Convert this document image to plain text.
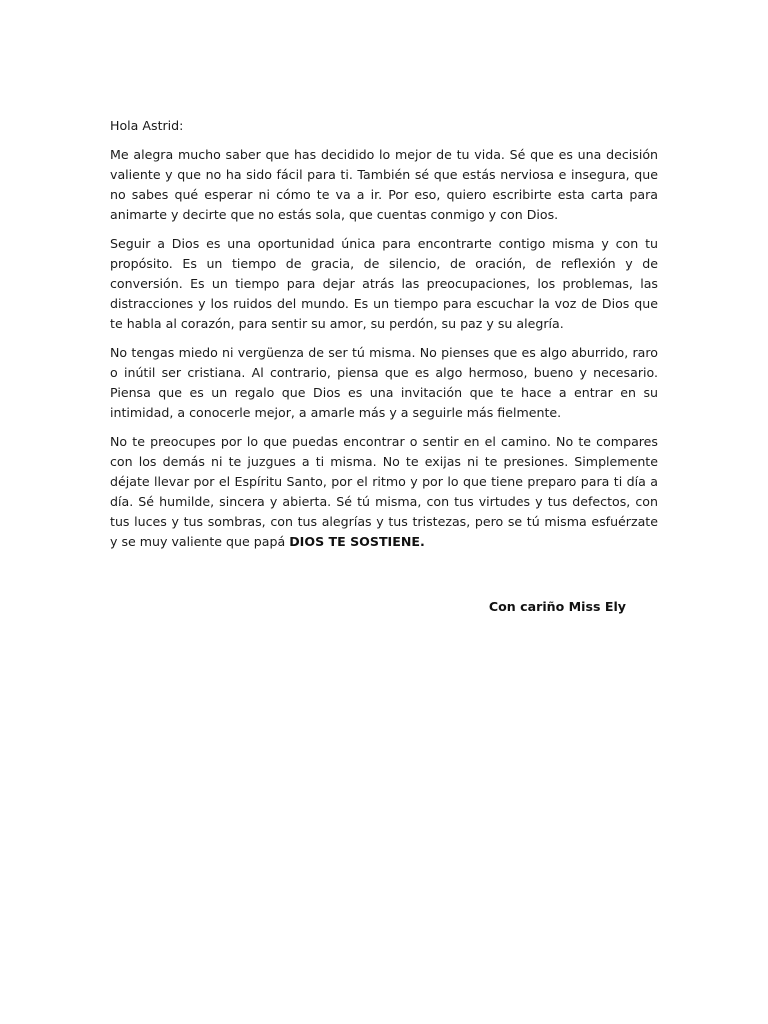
Hola Astrid:

Me alegra mucho saber que has decidido lo mejor de tu vida. Sé que es una decisión valiente y que no ha sido fácil para ti. También sé que estás nerviosa e insegura, que no sabes qué esperar ni cómo te va a ir. Por eso, quiero escribirte esta carta para animarte y decirte que no estás sola, que cuentas conmigo y con Dios.

Seguir a Dios es una oportunidad única para encontrarte contigo misma y con tu propósito. Es un tiempo de gracia, de silencio, de oración, de reflexión y de conversión. Es un tiempo para dejar atrás las preocupaciones, los problemas, las distracciones y los ruidos del mundo. Es un tiempo para escuchar la voz de Dios que te habla al corazón, para sentir su amor, su perdón, su paz y su alegría.

No tengas miedo ni vergüenza de ser tú misma. No pienses que es algo aburrido, raro o inútil ser cristiana. Al contrario, piensa que es algo hermoso, bueno y necesario. Piensa que es un regalo que Dios es una invitación que te hace a entrar en su intimidad, a conocerle mejor, a amarle más y a seguirle más fielmente.

No te preocupes por lo que puedas encontrar o sentir en el camino. No te compares con los demás ni te juzgues a ti misma. No te exijas ni te presiones. Simplemente déjate llevar por el Espíritu Santo, por el ritmo y por lo que tiene preparo para ti día a día. Sé humilde, sincera y abierta. Sé tú misma, con tus virtudes y tus defectos, con tus luces y tus sombras, con tus alegrías y tus tristezas, pero se tú misma esfuérzate y se muy valiente que papá DIOS TE SOSTIENE.

Con cariño Miss Ely
